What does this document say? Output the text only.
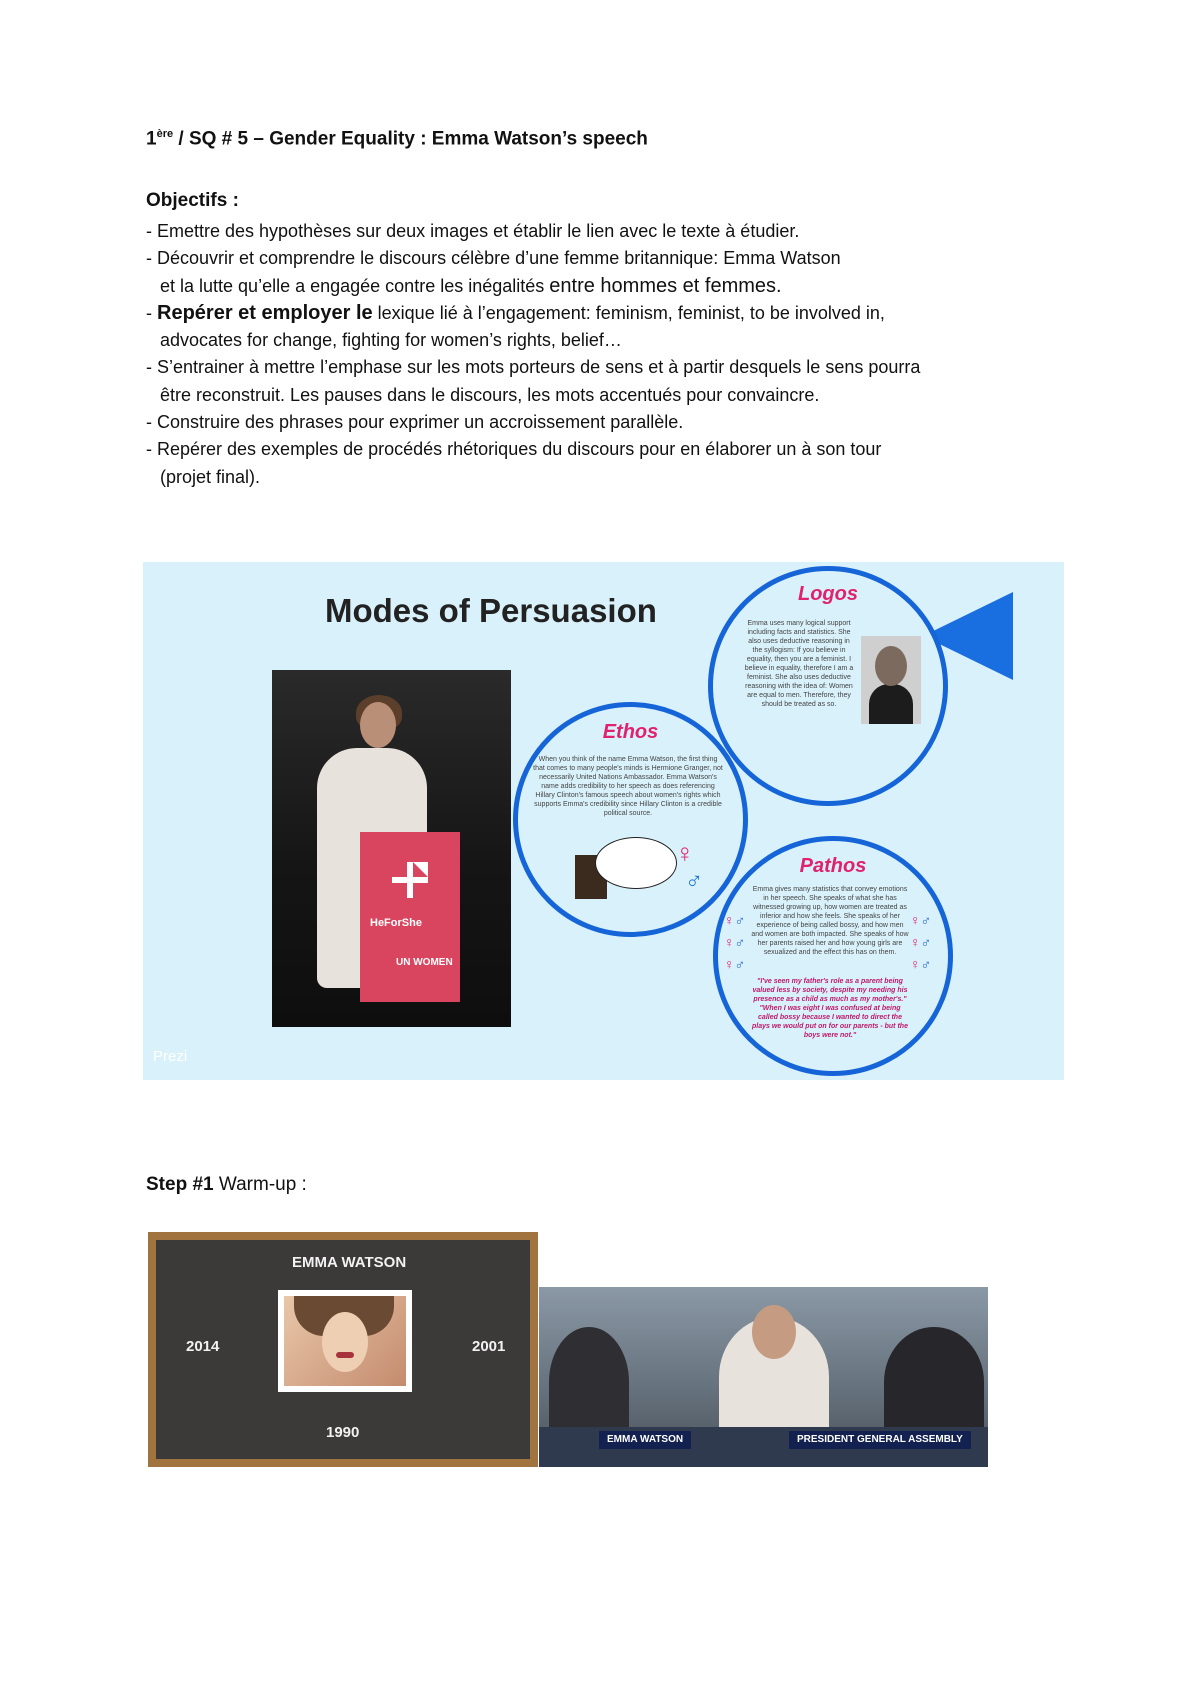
1ère / SQ # 5 – Gender Equality : Emma Watson’s speech
Objectifs :
- Emettre des hypothèses sur deux images et établir le lien avec le texte à étudier.
- Découvrir et comprendre le discours célèbre d’une femme britannique: Emma Watson
et la lutte qu’elle a engagée contre les inégalités entre hommes et femmes.
- Repérer et employer le lexique lié à l’engagement: feminism, feminist, to be involved in,
advocates for change, fighting for women’s rights, belief…
- S’entrainer à mettre l’emphase sur les mots porteurs de sens et à partir desquels le sens pourra
être reconstruit. Les pauses dans le discours, les mots accentués pour convaincre.
- Construire des phrases pour exprimer un accroissement parallèle.
- Repérer des exemples de procédés rhétoriques du discours pour en élaborer un à son tour
(projet final).
Modes of Persuasion
HeForShe
UN WOMEN
Prezi
Logos
Emma uses many logical support including facts and statistics. She also uses deductive reasoning in the syllogism: If you believe in equality, then you are a feminist. I believe in equality, therefore I am a feminist. She also uses deductive reasoning with the idea of: Women are equal to men. Therefore, they should be treated as so.
Ethos
When you think of the name Emma Watson, the first thing that comes to many people's minds is Hermione Granger, not necessarily United Nations Ambassador. Emma Watson's name adds credibility to her speech as does referencing Hillary Clinton's famous speech about women's rights which supports Emma's credibility since Hillary Clinton is a credible political source.
♀
♂
Pathos
Emma gives many statistics that convey emotions in her speech. She speaks of what she has witnessed growing up, how women are treated as inferior and how she feels. She speaks of her experience of being called bossy, and how men and women are both impacted. She speaks of how her parents raised her and how young girls are sexualized and the effect this has on them.
"I've seen my father's role as a parent being valued less by society, despite my needing his presence as a child as much as my mother's." "When I was eight I was confused at being called bossy because I wanted to direct the plays we would put on for our parents - but the boys were not."
♀♂
♀♂
♀♂
♀♂
♀♂
♀♂
Step #1 Warm-up :
EMMA WATSON
2014	2001
1990	EMMA WATSON	PRESIDENT GENERAL ASSEMBLY
